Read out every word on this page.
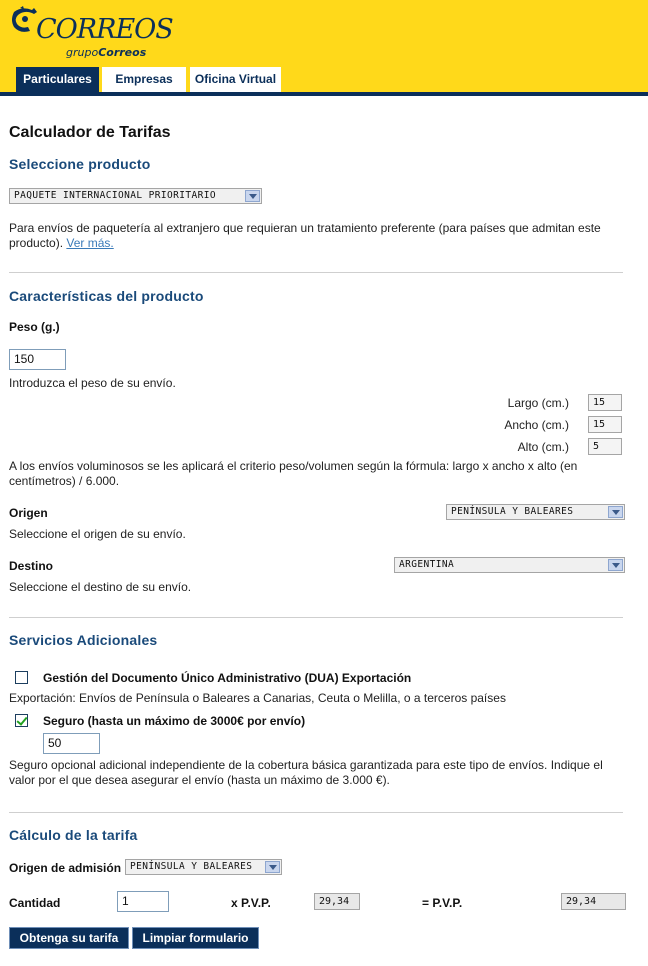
CORREOS
grupoCorreos
Particulares	Empresas	Oficina Virtual
Calculador de Tarifas
Seleccione producto
PAQUETE INTERNACIONAL PRIORITARIO
Para envíos de paquetería al extranjero que requieran un tratamiento preferente (para países que admitan este
producto). Ver más.
Características del producto
Peso (g.)
150
Introduzca el peso de su envío.
Largo (cm.)	15
Ancho (cm.)	15
Alto (cm.)	5
A los envíos voluminosos se les aplicará el criterio peso/volumen según la fórmula: largo x ancho x alto (en
centímetros) / 6.000.
Origen	PENÍNSULA Y BALEARES
Seleccione el origen de su envío.
Destino	ARGENTINA
Seleccione el destino de su envío.
Servicios Adicionales
Gestión del Documento Único Administrativo (DUA) Exportación
Exportación: Envíos de Península o Baleares a Canarias, Ceuta o Melilla, o a terceros países
Seguro (hasta un máximo de 3000€ por envío)
50
Seguro opcional adicional independiente de la cobertura básica garantizada para este tipo de envíos. Indique el
valor por el que desea asegurar el envío (hasta un máximo de 3.000 €).
Cálculo de la tarifa
Origen de admisión PENÍNSULA Y BALEARES
Cantidad	1	x P.V.P.	29,34	= P.V.P.	29,34
Obtenga su tarifa	Limpiar formulario
